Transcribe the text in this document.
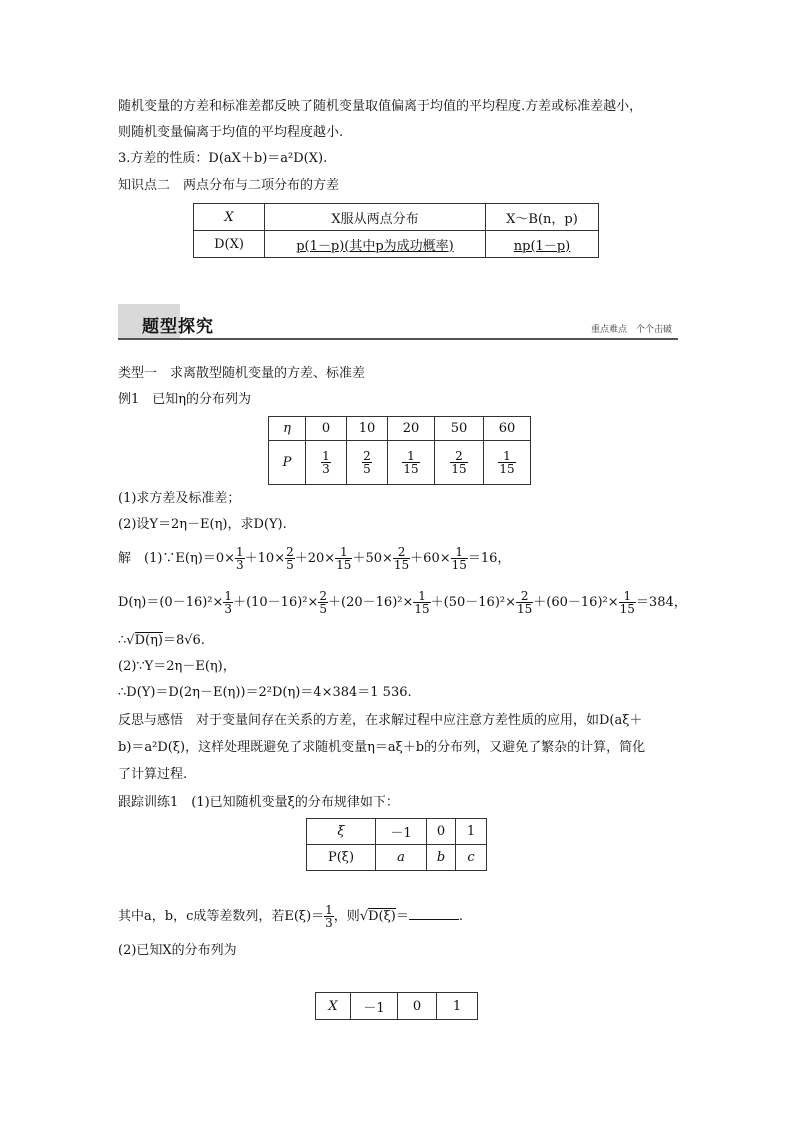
随机变量的方差和标准差都反映了随机变量取值偏离于均值的平均程度.方差或标准差越小，
则随机变量偏离于均值的平均程度越小.
3.方差的性质：D(aX＋b)＝a²D(X).
知识点二　两点分布与二项分布的方差
X	X服从两点分布	X～B(n，p)
D(X)	p(1－p)(其中p为成功概率)	np(1－p)
题型探究	重点难点　个个击破
类型一　求离散型随机变量的方差、标准差
例1　已知η的分布列为
η	0	10	20	50	60
P	$\frac{1}{3}$	$\frac{2}{5}$	$\frac{1}{15}$	$\frac{2}{15}$	$\frac{1}{15}$
(1)求方差及标准差；
(2)设Y＝2η－E(η)，求D(Y).
解　(1)∵E(η)＝0× $\frac{1}{3} +10\times \frac{2}{5} +20\times \frac{1}{15} +50\times \frac{2}{15} +60\times \frac{1}{15} =16$，
$D(\eta)=(0-16)^2\times \frac{1}{3} +(10-16)^2\times \frac{2}{5} +(20-16)^2\times \frac{1}{15} +(50-16)^2\times \frac{2}{15} +(60-16)^2\times \frac{1}{15} =384$，
∴√D(η)＝8√6.
(2)∵Y＝2η－E(η)，
∴D(Y)＝D(2η－E(η))＝2²D(η)＝4×384＝1 536.
反思与感悟　对于变量间存在关系的方差，在求解过程中应注意方差性质的应用，如D(aξ＋
b)＝a²D(ξ)，这样处理既避免了求随机变量η＝aξ＋b的分布列，又避免了繁杂的计算，简化
了计算过程.
跟踪训练1　(1)已知随机变量ξ的分布规律如下：
ξ	－1	0	1
P(ξ)	a	b	c
其中a，b，c成等差数列，若$E(\xi)= \frac{1}{3}$ ，则√D(ξ)＝	.
(2)已知X的分布列为
X	－1	0	1
